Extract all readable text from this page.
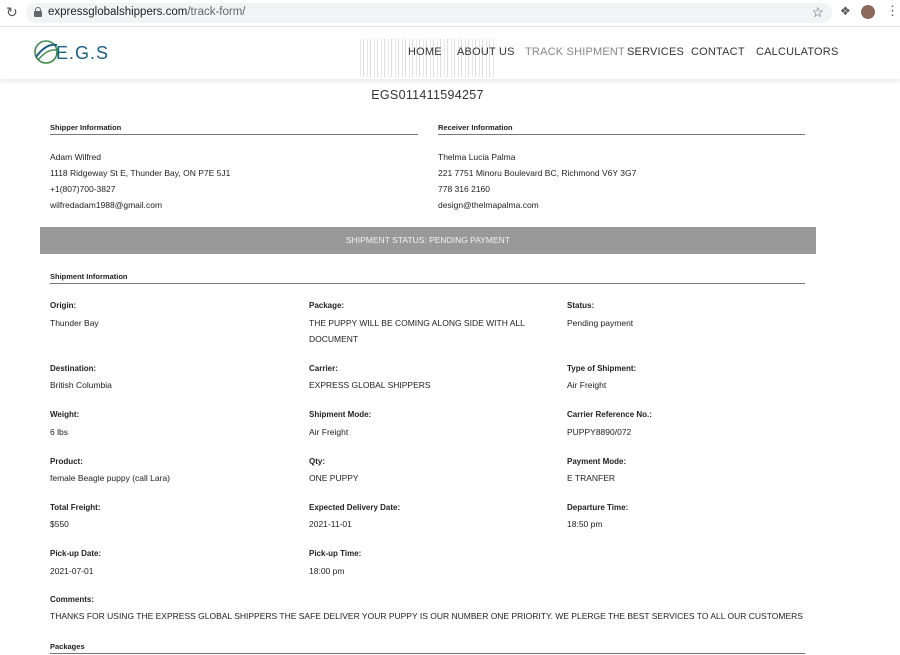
↻	expressglobalshippers.com/track-form/	☆ ❖	⋮
E.G.S	HOME ABOUT US TRACK SHIPMENT SERVICES CONTACT CALCULATORS
EGS011411594257
Shipper Information
Adam Wilfred
1118 Ridgeway St E, Thunder Bay, ON P7E 5J1
+1(807)700-3827
wilfredadam1988@gmail.com
Receiver Information
Thelma Lucia Palma
221 7751 Minoru Boulevard BC, Richmond V6Y 3G7
778 316 2160
design@thelmapalma.com
SHIPMENT STATUS: PENDING PAYMENT
Shipment Information
Origin:
Thunder Bay
Package:
THE PUPPY WILL BE COMING ALONG SIDE WITH ALL
DOCUMENT
Status:
Pending payment
Destination:
British Columbia
Carrier:
EXPRESS GLOBAL SHIPPERS
Type of Shipment:
Air Freight
Weight:
6 lbs
Shipment Mode:
Air Freight
Carrier Reference No.:
PUPPY8890/072
Product:
female Beagle puppy (call Lara)
Qty:
ONE PUPPY
Payment Mode:
E TRANFER
Total Freight:
$550
Expected Delivery Date:
2021-11-01
Departure Time:
18:50 pm
Pick-up Date:
2021-07-01
Pick-up Time:
18:00 pm
Comments:
THANKS FOR USING THE EXPRESS GLOBAL SHIPPERS THE SAFE DELIVER YOUR PUPPY IS OUR NUMBER ONE PRIORITY. WE PLERGE THE BEST SERVICES TO ALL OUR CUSTOMERS
Packages
